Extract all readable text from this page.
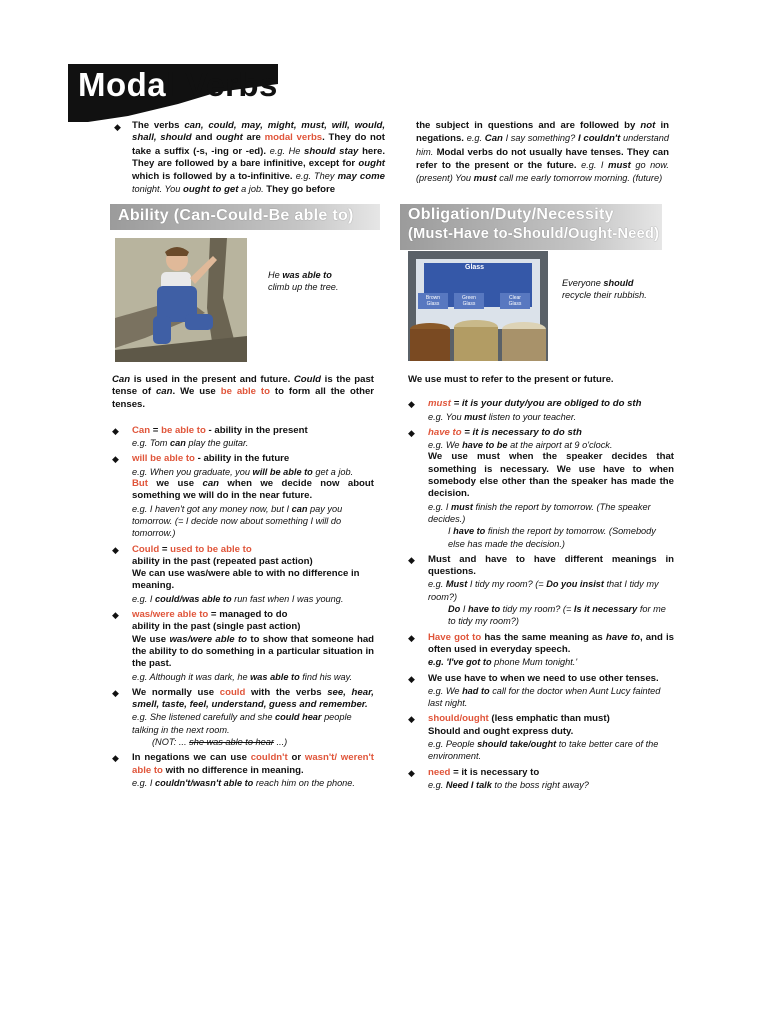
Modal Verbs
◆ The verbs can, could, may, might, must, will, would, shall, should and ought are modal verbs. They do not take a suffix (-s, -ing or -ed). e.g. He should stay here. They are followed by a bare infinitive, except for ought which is followed by a to-infinitive. e.g. They may come tonight. You ought to get a job. They go before

the subject in questions and are followed by not in negations. e.g. Can I say something? I couldn't understand him. Modal verbs do not usually have tenses. They can refer to the present or the future. e.g. I must go now. (present) You must call me early tomorrow morning. (future)

Ability (Can-Could-Be able to)	Obligation/Duty/Necessity
(Must-Have to-Should/Ought-Need)
He was able to
climb up the tree.
Glass
Brown Glass
Green Glass
Clear Glass
Everyone should
recycle their rubbish.

Can is used in the present and future. Could is the past tense of can. We use be able to to form all the other tenses.

◆ Can = be able to - ability in the present

e.g. Tom can play the guitar.

◆ will be able to - ability in the future

e.g. When you graduate, you will be able to get a job.

But we use can when we decide now about something we will do in the near future.

e.g. I haven't got any money now, but I can pay you tomorrow. (= I decide now about something I will do tomorrow.)

◆ Could = used to be able to

ability in the past (repeated past action)

We can use was/were able to with no difference in meaning.

e.g. I could/was able to run fast when I was young.

◆ was/were able to = managed to do

ability in the past (single past action)

We use was/were able to to show that someone had the ability to do something in a particular situation in the past.

e.g. Although it was dark, he was able to find his way.

◆ We normally use could with the verbs see, hear, smell, taste, feel, understand, guess and remember.

e.g. She listened carefully and she could hear people talking in the next room.

(NOT: ... she was able to hear ...)

◆ In negations we can use couldn't or wasn't/ weren't able to with no difference in meaning.

e.g. I couldn't/wasn't able to reach him on the phone.

We use must to refer to the present or future.

◆ must = it is your duty/you are obliged to do sth

e.g. You must listen to your teacher.

◆ have to = it is necessary to do sth

e.g. We have to be at the airport at 9 o'clock.

We use must when the speaker decides that something is necessary. We use have to when somebody else other than the speaker has made the decision.

e.g. I must finish the report by tomorrow. (The speaker decides.)

I have to finish the report by tomorrow. (Somebody else has made the decision.)

◆ Must and have to have different meanings in questions.

e.g. Must I tidy my room? (= Do you insist that I tidy my room?)

Do I have to tidy my room? (= Is it necessary for me to tidy my room?)

◆ Have got to has the same meaning as have to, and is often used in everyday speech.

e.g. 'I've got to phone Mum tonight.'

◆ We use have to when we need to use other tenses.

e.g. We had to call for the doctor when Aunt Lucy fainted last night.

◆ should/ought (less emphatic than must)

Should and ought express duty.

e.g. People should take/ought to take better care of the environment.

◆ need = it is necessary to

e.g. Need I talk to the boss right away?
